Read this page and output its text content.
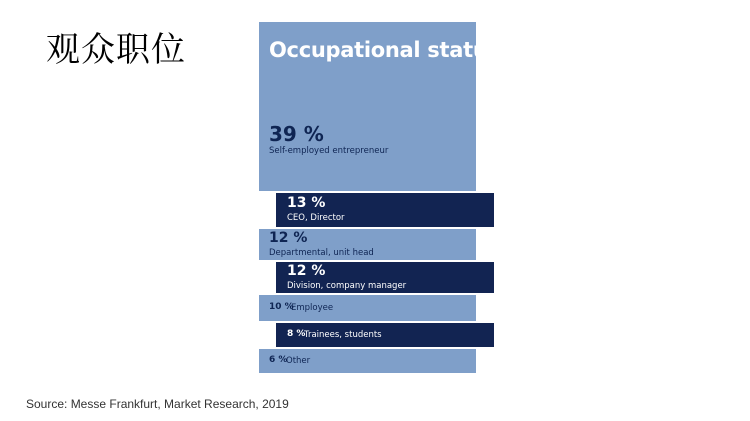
观众职位	Occupational status.
39 %
Self-employed entrepreneur
13 %
CEO, Director
12 %
Departmental, unit head
12 %
Division, company manager
10 %
Employee
8 %
Trainees, students
6 %
Other
Source: Messe Frankfurt, Market Research, 2019
